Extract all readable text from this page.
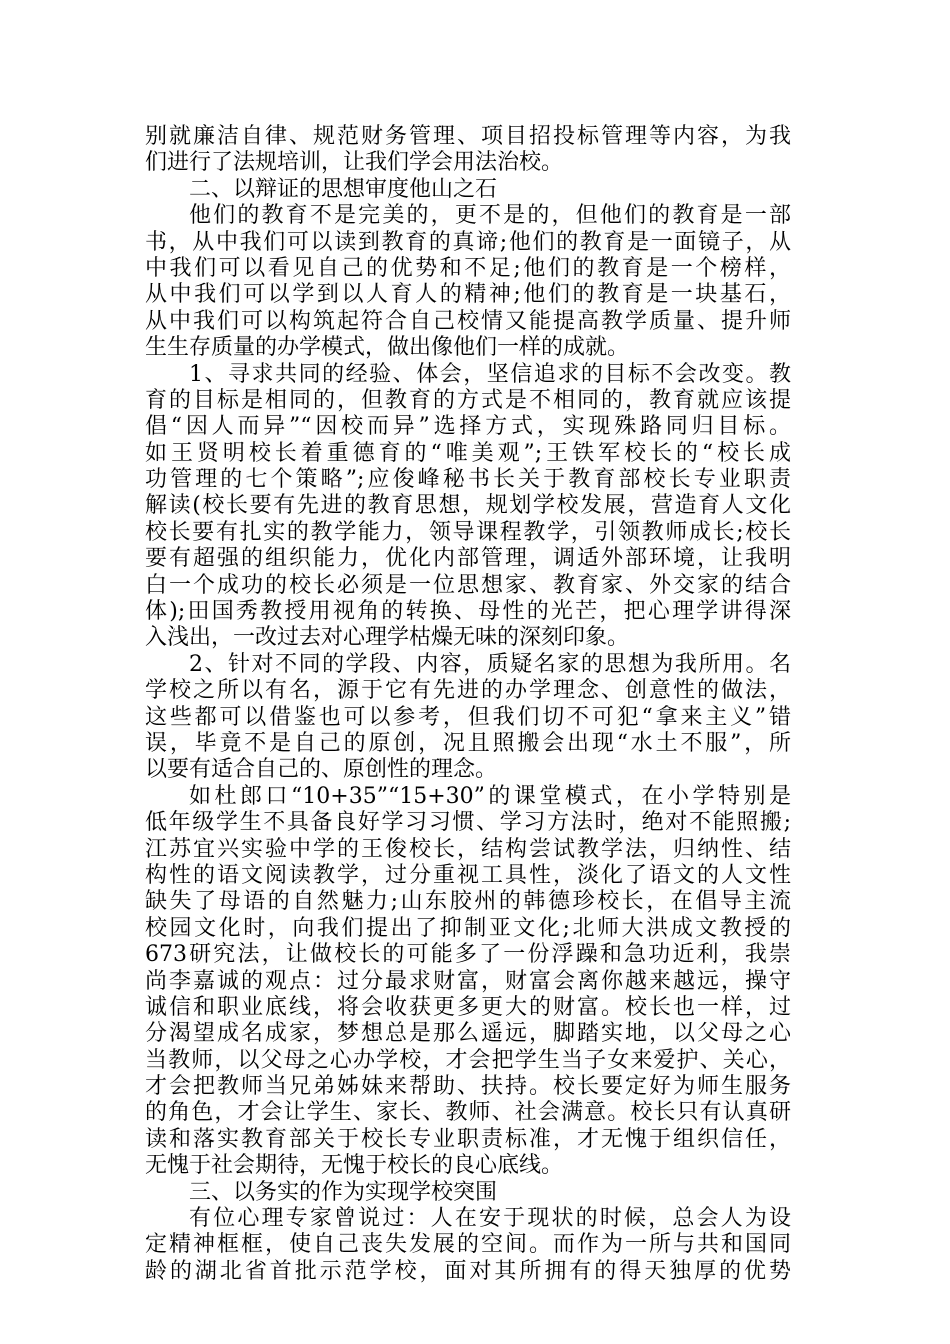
别就廉洁自律、规范财务管理、项目招投标管理等内容，为我
们进行了法规培训，让我们学会用法治校。
二、以辩证的思想审度他山之石
他们的教育不是完美的，更不是的，但他们的教育是一部
书，从中我们可以读到教育的真谛;他们的教育是一面镜子，从
中我们可以看见自己的优势和不足;他们的教育是一个榜样，
从中我们可以学到以人育人的精神;他们的教育是一块基石，
从中我们可以构筑起符合自己校情又能提高教学质量、提升师
生生存质量的办学模式，做出像他们一样的成就。
1、寻求共同的经验、体会，坚信追求的目标不会改变。教
育的目标是相同的，但教育的方式是不相同的，教育就应该提
倡“因人而异”“因校而异”选择方式，实现殊路同归目标。
如王贤明校长着重德育的“唯美观”;王铁军校长的“校长成
功管理的七个策略”;应俊峰秘书长关于教育部校长专业职责
解读(校长要有先进的教育思想，规划学校发展，营造育人文化
校长要有扎实的教学能力，领导课程教学，引领教师成长;校长
要有超强的组织能力，优化内部管理，调适外部环境，让我明
白一个成功的校长必须是一位思想家、教育家、外交家的结合
体);田国秀教授用视角的转换、母性的光芒，把心理学讲得深
入浅出，一改过去对心理学枯燥无味的深刻印象。
2、针对不同的学段、内容，质疑名家的思想为我所用。名
学校之所以有名，源于它有先进的办学理念、创意性的做法，
这些都可以借鉴也可以参考，但我们切不可犯“拿来主义”错
误，毕竟不是自己的原创，况且照搬会出现“水土不服”，所
以要有适合自己的、原创性的理念。
如杜郎口“10+35”“15+30”的课堂模式，在小学特别是
低年级学生不具备良好学习习惯、学习方法时，绝对不能照搬;
江苏宜兴实验中学的王俊校长，结构尝试教学法，归纳性、结
构性的语文阅读教学，过分重视工具性，淡化了语文的人文性
缺失了母语的自然魅力;山东胶州的韩德珍校长，在倡导主流
校园文化时，向我们提出了抑制亚文化;北师大洪成文教授的
673研究法，让做校长的可能多了一份浮躁和急功近利，我崇
尚李嘉诚的观点：过分最求财富，财富会离你越来越远，操守
诚信和职业底线，将会收获更多更大的财富。校长也一样，过
分渴望成名成家，梦想总是那么遥远，脚踏实地，以父母之心
当教师，以父母之心办学校，才会把学生当子女来爱护、关心，
才会把教师当兄弟姊妹来帮助、扶持。校长要定好为师生服务
的角色，才会让学生、家长、教师、社会满意。校长只有认真研
读和落实教育部关于校长专业职责标准，才无愧于组织信任，
无愧于社会期待，无愧于校长的良心底线。
三、以务实的作为实现学校突围
有位心理专家曾说过：人在安于现状的时候，总会人为设
定精神框框，使自己丧失发展的空间。而作为一所与共和国同
龄的湖北省首批示范学校，面对其所拥有的得天独厚的优势
